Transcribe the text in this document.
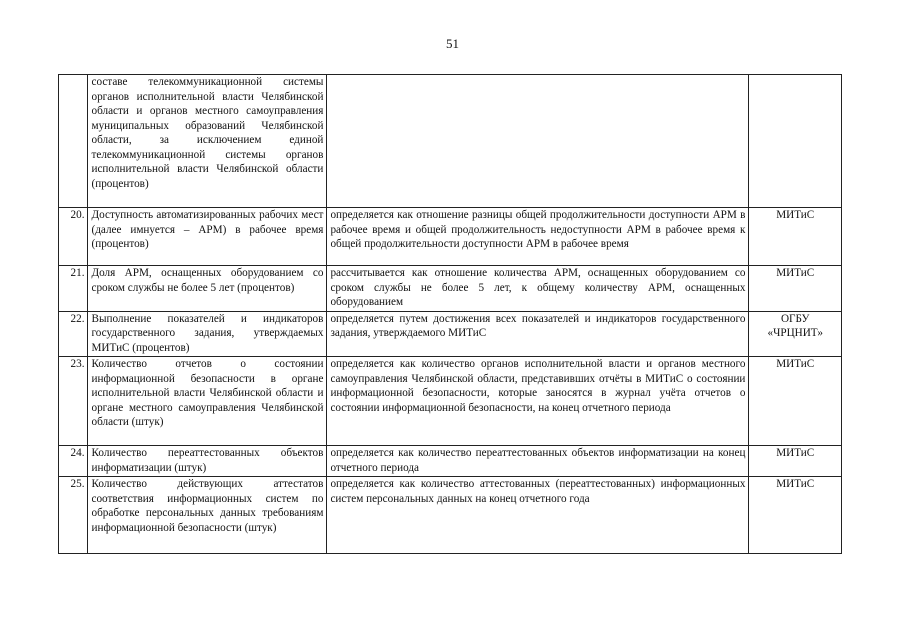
51
	составе телекоммуникационной системы органов исполнительной власти Челябинской области и органов местного самоуправления муниципальных образований Челябинской области, за исключением единой телекоммуникационной системы органов исполнительной власти Челябинской области (процентов)		
20.	Доступность автоматизированных рабочих мест (далее имнуется – АРМ) в рабочее время (процентов)	определяется как отношение разницы общей продолжительности доступности АРМ в рабочее время и общей продолжительность недоступности АРМ в рабочее время к общей продолжительности доступности АРМ в рабочее время	МИТиС
21.	Доля АРМ, оснащенных оборудованием со сроком службы не более 5 лет (процентов)	рассчитывается как отношение количества АРМ, оснащенных оборудованием со сроком службы не более 5 лет, к общему количеству АРМ, оснащенных оборудованием	МИТиС
22.	Выполнение показателей и индикаторов государственного задания, утверждаемых МИТиС (процентов)	определяется путем достижения всех показателей и индикаторов государственного задания, утверждаемого МИТиС	ОГБУ «ЧРЦНИТ»
23.	Количество отчетов о состоянии информационной безопасности в органе исполнительной власти Челябинской области и органе местного самоуправления Челябинской области (штук)	определяется как количество органов исполнительной власти и органов местного самоуправления Челябинской области, представивших отчёты в МИТиС о состоянии информационной безопасности, которые заносятся в журнал учёта отчетов о состоянии информационной безопасности, на конец отчетного периода	МИТиС
24.	Количество переаттестованных объектов информатизации (штук)	определяется как количество переаттестованных объектов информатизации на конец отчетного периода	МИТиС
25.	Количество действующих аттестатов соответствия информационных систем по обработке персональных данных требованиям информационной безопасности (штук)	определяется как количество аттестованных (переаттестованных) информационных систем персональных данных на конец отчетного года	МИТиС
